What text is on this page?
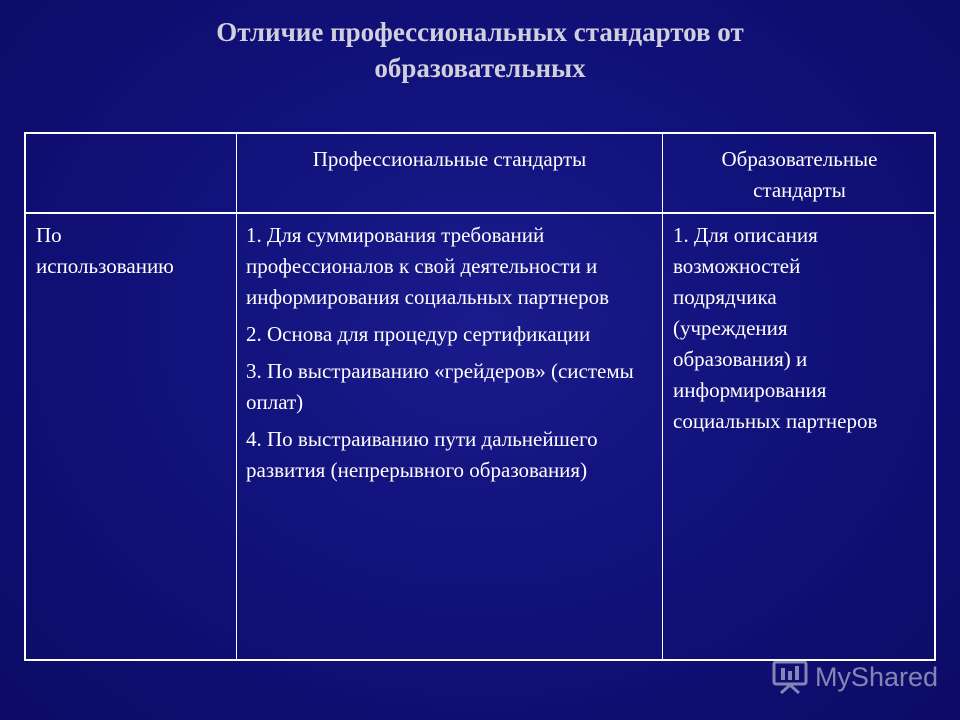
Отличие профессиональных стандартов от
образовательных
Профессиональные стандарты	Образовательные
стандарты
По
использованию

1. Для суммирования требований профессионалов к свой деятельности и информирования социальных партнеров

2. Основа для процедур сертификации

3. По выстраиванию «грейдеров» (системы оплат)

4. По выстраиванию пути дальнейшего развития (непрерывного образования)

1. Для описания возможностей подрядчика (учреждения образования) и информирования социальных партнеров
MyShared
